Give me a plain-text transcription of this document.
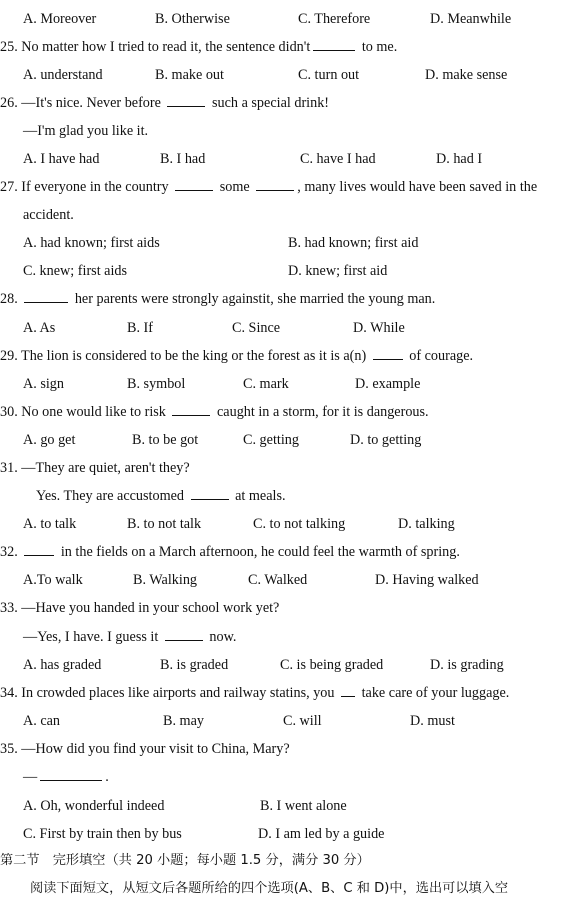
A. Moreover	B. Otherwise	C. Therefore	D. Meanwhile
25. No matter how I tried to read it, the sentence didn't	to me.
A. understand	B. make out	C. turn out	D. make sense
26. —It's nice. Never before	such a special drink!
—I'm glad you like it.
A. I have had	B. I had	C. have I had	D. had I
27. If everyone in the country	some	, many lives would have been saved in the
accident.
A. had known; first aids	B. had known; first aid
C. knew; first aids	D. knew; first aid
28.	her parents were strongly againstit, she married the young man.
A. As	B. If	C. Since	D. While
29. The lion is considered to be the king or the forest as it is a(n)	of courage.
A. sign	B. symbol	C. mark	D. example
30. No one would like to risk	caught in a storm, for it is dangerous.
A. go get	B. to be got	C. getting	D. to getting
31. —They are quiet, aren't they?
Yes. They are accustomed	at meals.
A. to talk	B. to not talk	C. to not talking	D. talking
32.	in the fields on a March afternoon, he could feel the warmth of spring.
A.To walk	B. Walking	C. Walked	D. Having walked
33. —Have you handed in your school work yet?
—Yes, I have. I guess it	now.
A. has graded	B. is graded	C. is being graded	D. is grading
34. In crowded places like airports and railway statins, you  take care of your luggage.
A. can	B. may	C. will	D. must
35. —How did you find your visit to China, Mary?
—	.
A. Oh, wonderful indeed	B. I went alone
C. First by train then by bus	D. I am led by a guide
第二节　完形填空（共 20 小题；每小题 1.5 分，满分 30 分）
阅读下面短文，从短文后各题所给的四个选项(A、B、C 和 D)中，选出可以填入空
